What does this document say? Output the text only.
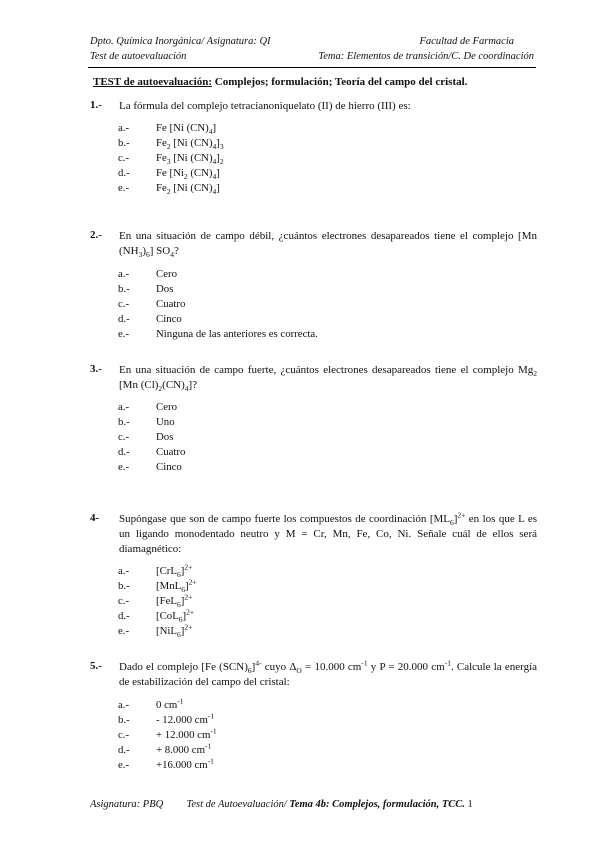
Dpto. Química Inorgánica/ Asignatura: QI	Facultad de Farmacia
Test de autoevaluación	Tema: Elementos de transición/C. De coordinación
TEST de autoevaluación: Complejos; formulación; Teoría del campo del cristal.
1.- La fórmula del complejo tetracianoniquelato (II) de hierro (III) es:
a.- Fe [Ni $(CN)_4$]
b.- $Fe_2$ [Ni $(CN)_4]_3$
c.- $Fe_3$ [Ni $(CN)_4]_2$
d.- Fe [$Ni_2$ $(CN)_4$]
e.- $Fe_2$ [Ni $(CN)_4$]
2.- En una situación de campo débil, ¿cuántos electrones desapareados tiene el complejo [Mn $(NH_3)_6$] $SO_4$?
a.- Cero
b.- Dos
c.- Cuatro
d.- Cinco
e.- Ninguna de las anteriores es correcta.
3.- En una situación de campo fuerte, ¿cuántos electrones desapareados tiene el complejo $Mg_2$ [Mn $(Cl)_2(CN)_4$]?
a.- Cero
b.- Uno
c.- Dos
d.- Cuatro
e.- Cinco
4- Supóngase que son de campo fuerte los compuestos de coordinación $[ML_6]^{2+}$ en los que L es un ligando monodentado neutro y M = Cr, Mn, Fe, Co, Ni. Señale cuál de ellos será diamagnético:
a.- $[CrL_6]^{2+}$
b.- $[MnL_6]^{2+}$
c.- $[FeL_6]^{2+}$
d.- $[CoL_6]^{2+}$
e.- $[NiL_6]^{2+}$
5.- Dado el complejo [Fe $(SCN)_6]^{4-}$ cuyo $\Delta_O = 10.000$ $cm^{-1}$ y P = 20.000 $cm^{-1}$. Calcule la energía de estabilización del campo del cristal:
a.- 0 $cm^{-1}$
b.- - 12.000 $cm^{-1}$
c.- + 12.000 $cm^{-1}$
d.- + 8.000 $cm^{-1}$
e.- +16.000 $cm^{-1}$
Asignatura: PBQ Test de Autoevaluación/ Tema 4b: Complejos, formulación, TCC. 1
